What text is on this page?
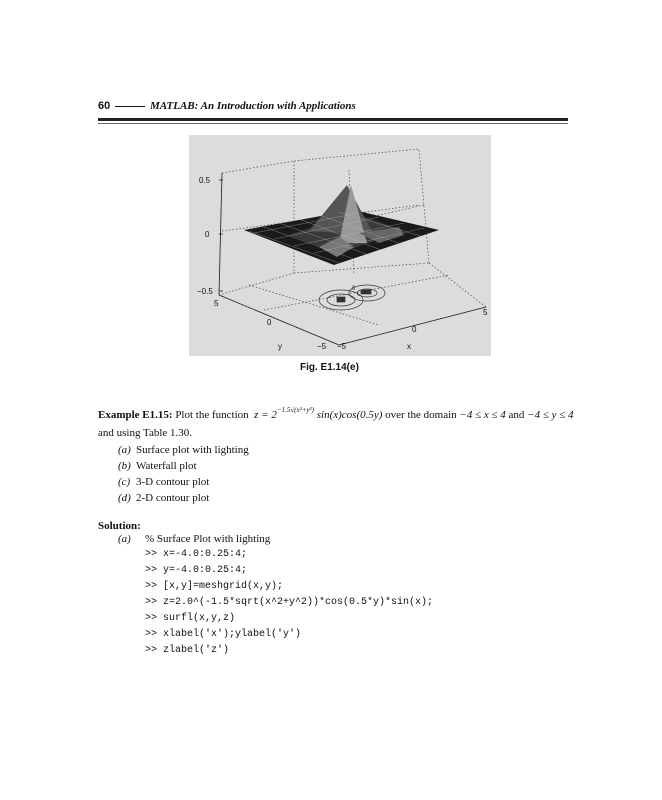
60	MATLAB: An Introduction with Applications
0
0.5
0
−0.5
5
0
−5 −5
0
5
y	x
Fig. E1.14(e)
Example E1.15: Plot the function $z = 2^{-1.5√(x^2+y^2)}$ sin(x)cos(0.5y) over the domain −4 ≤ x ≤ 4 and −4 ≤ y ≤ 4
and using Table 1.30.
(a) Surface plot with lighting
(b) Waterfall plot
(c) 3-D contour plot
(d) 2-D contour plot
Solution:
(a) % Surface Plot with lighting
>> x=-4.0:0.25:4;
>> y=-4.0:0.25:4;
>> [x,y]=meshgrid(x,y);
>> z=2.0^(-1.5*sqrt(x^2+y^2))*cos(0.5*y)*sin(x);
>> surfl(x,y,z)
>> xlabel('x');ylabel('y')
>> zlabel('z')
